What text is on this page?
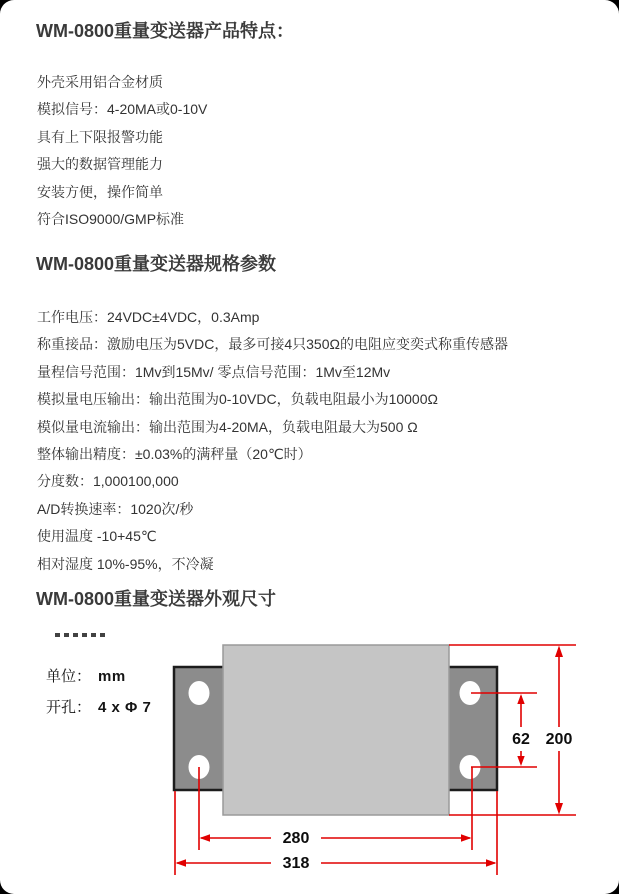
WM-0800重量变送器产品特点：
外壳采用铝合金材质
模拟信号：4-20MA或0-10V
具有上下限报警功能
强大的数据管理能力
安装方便，操作简单
符合ISO9000/GMP标准
WM-0800重量变送器规格参数
工作电压：24VDC±4VDC，0.3Amp
称重接品：激励电压为5VDC，最多可接4只350Ω的电阻应变奕式称重传感器
量程信号范围：1Mv到15Mv/ 零点信号范围：1Mv至12Mv
模拟量电压输出：输出范围为0-10VDC，负载电阻最小为10000Ω
模似量电流输出：输出范围为4-20MA，负载电阻最大为500 Ω
整体输出精度：±0.03%的满秤量（20℃时）
分度数：1,000100,000
A/D转换速率：1020次/秒
使用温度 -10+45℃
相对湿度 10%-95%，不冷凝
WM-0800重量变送器外观尺寸
单位： mm
开孔： 4 x Φ 7
62 200
280
318
